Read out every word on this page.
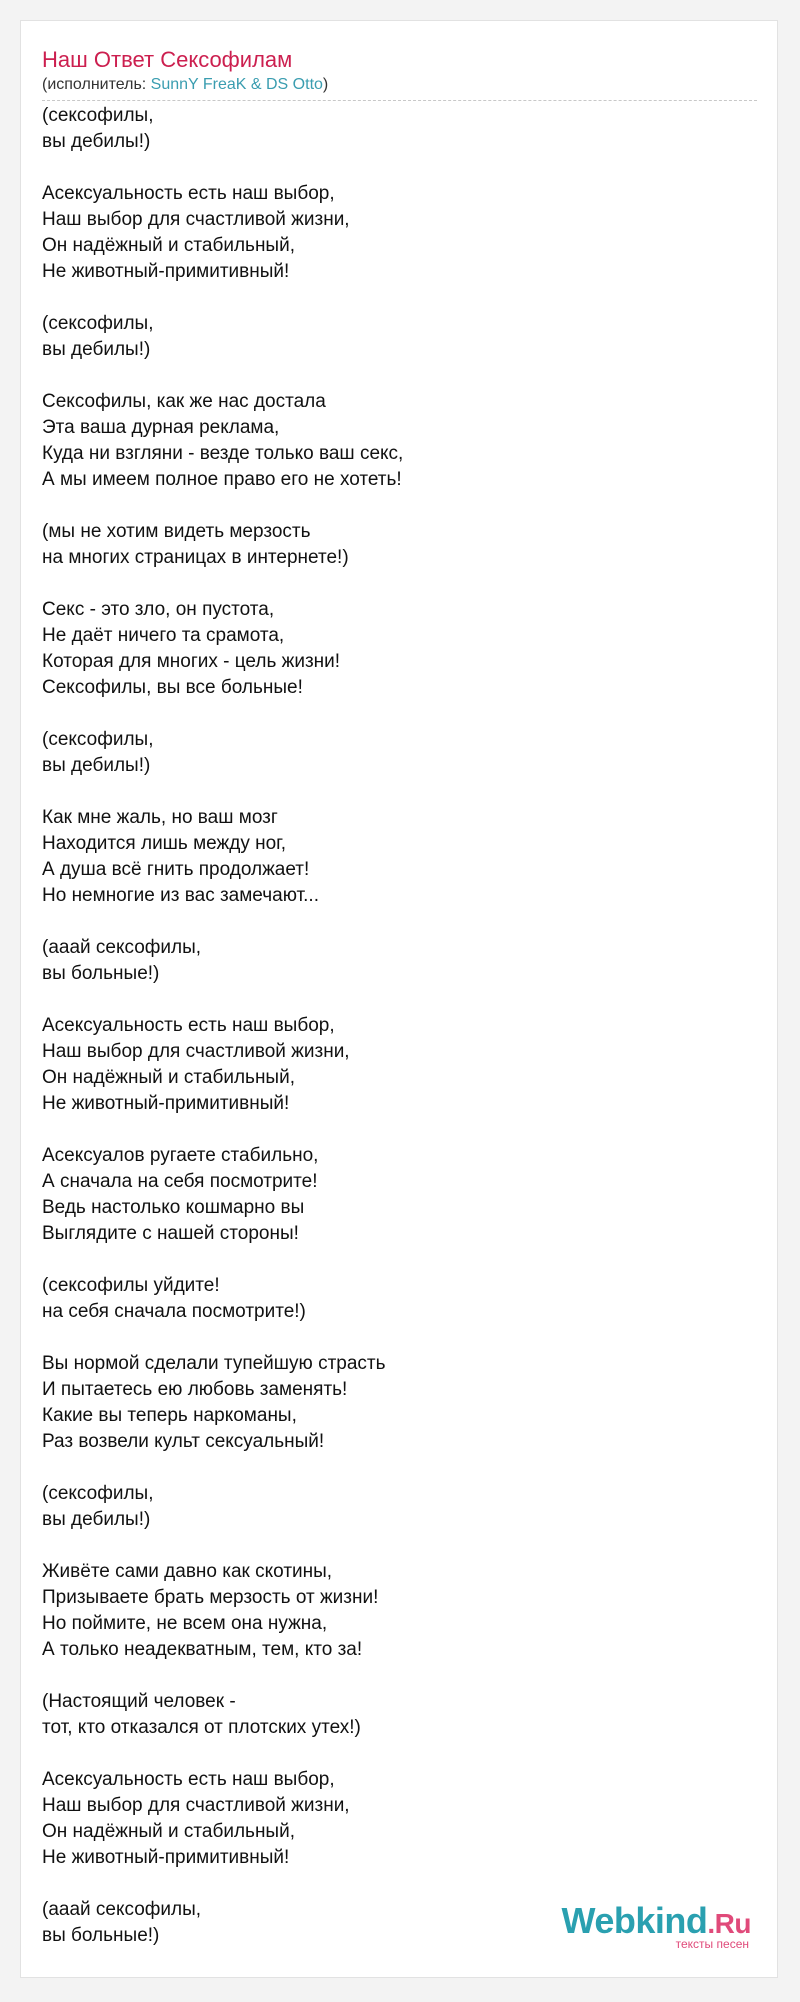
Наш Ответ Сексофилам
(исполнитель: SunnY FreaK & DS Otto)
(сексофилы,
вы дебилы!)
Асексуальность есть наш выбор,
Наш выбор для счастливой жизни,
Он надёжный и стабильный,
Не животный-примитивный!
(сексофилы,
вы дебилы!)
Сексофилы, как же нас достала
Эта ваша дурная реклама,
Куда ни взгляни - везде только ваш секс,
А мы имеем полное право его не хотеть!
(мы не хотим видеть мерзость
на многих страницах в интернете!)
Секс - это зло, он пустота,
Не даёт ничего та срамота,
Которая для многих - цель жизни!
Сексофилы, вы все больные!
(сексофилы,
вы дебилы!)
Как мне жаль, но ваш мозг
Находится лишь между ног,
А душа всё гнить продолжает!
Но немногие из вас замечают...
(ааай сексофилы,
вы больные!)
Асексуальность есть наш выбор,
Наш выбор для счастливой жизни,
Он надёжный и стабильный,
Не животный-примитивный!
Асексуалов ругаете стабильно,
А сначала на себя посмотрите!
Ведь настолько кошмарно вы
Выглядите с нашей стороны!
(сексофилы уйдите!
на себя сначала посмотрите!)
Вы нормой сделали тупейшую страсть
И пытаетесь ею любовь заменять!
Какие вы теперь наркоманы,
Раз возвели культ сексуальный!
(сексофилы,
вы дебилы!)
Живёте сами давно как скотины,
Призываете брать мерзость от жизни!
Но поймите, не всем она нужна,
А только неадекватным, тем, кто за!
(Настоящий человек -
тот, кто отказался от плотских утех!)
Асексуальность есть наш выбор,
Наш выбор для счастливой жизни,
Он надёжный и стабильный,
Не животный-примитивный!
(ааай сексофилы,
вы больные!)	Webkind.Ru
тексты песен
